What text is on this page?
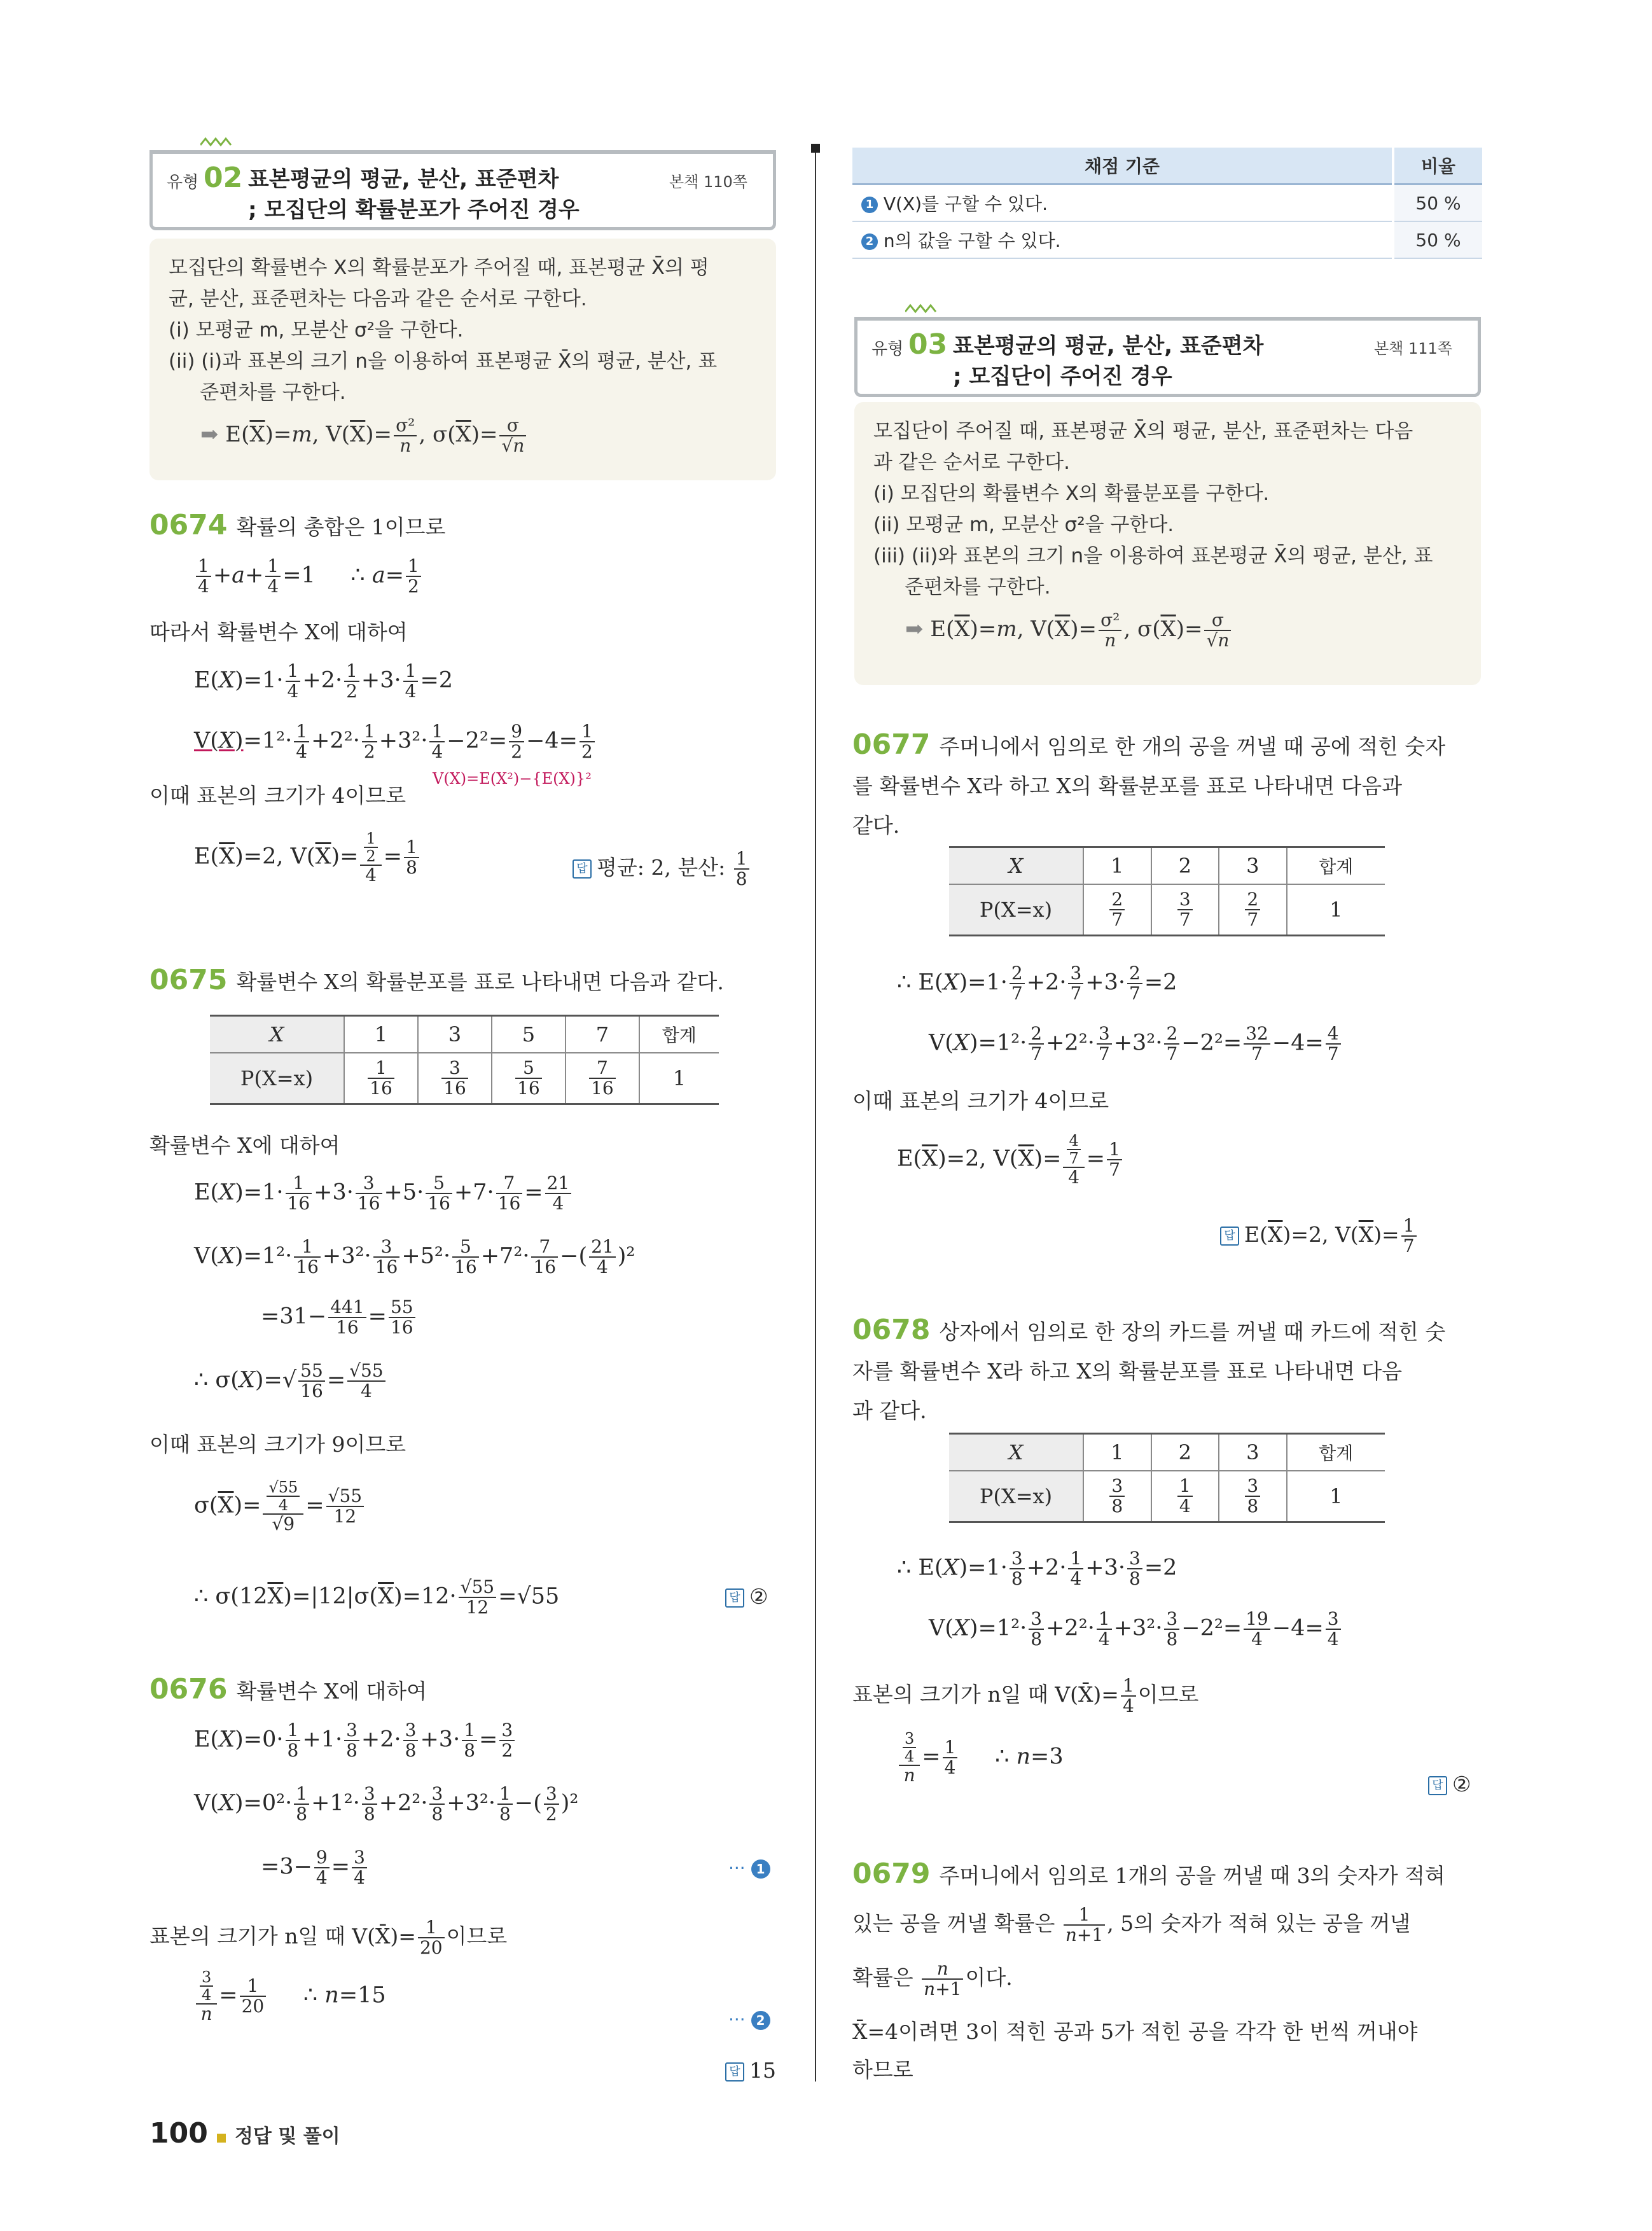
유형 02 표본평균의 평균, 분산, 표준편차
; 모집단의 확률분포가 주어진 경우
본책 110쪽

모집단의 확률변수 X의 확률분포가 주어질 때, 표본평균 X̄의 평

균, 분산, 표준편차는 다음과 같은 순서로 구한다.

(i) 모평균 m, 모분산 σ²을 구한다.

(ii) (i)과 표본의 크기 n을 이용하여 표본평균 X̄의 평균, 분산, 표

준편차를 구한다.

➡ $E(\overline{X})=m$, $V(\overline{X})= \frac{\text{σ²}}{n}$ , $\sigma(\overline{X})= \frac{\sigma}{√n}$
0674 확률의 총합은 1이므로
$\frac{1}{4} +a+ \frac{1}{4} =1$     ∴ $a= \frac{1}{2}$
따라서 확률변수 X에 대하여
$E(X)=1\cdot \frac{1}{4} +2\cdot \frac{1}{2} +3\cdot \frac{1}{4} =2$
$V(X)=1^2\cdot \frac{1}{4} +2^2\cdot \frac{1}{2} +3^2\cdot \frac{1}{4} -2^2= \frac{9}{2} -4= \frac{1}{2}$
이때 표본의 크기가 4이므로
V(X)=E(X²)−{E(X)}²
$E(\overline{X})=2$, $V(\overline{X})= \frac{\frac{1}{2}}{4} = \frac{1}{8}$	답 평균: 2, 분산: $\frac{1}{8}$
0675 확률변수 X의 확률분포를 표로 나타내면 다음과 같다.
X	1	3	5	7	합계
P(X=x)	$\frac{1}{16}$	$\frac{3}{16}$	$\frac{5}{16}$	$\frac{7}{16}$	1
확률변수 X에 대하여
$E(X)=1\cdot \frac{1}{16} +3\cdot \frac{3}{16} +5\cdot \frac{5}{16} +7\cdot \frac{7}{16} = \frac{21}{4}$
$V(X)=1^2\cdot \frac{1}{16} +3^2\cdot \frac{3}{16} +5^2\cdot \frac{5}{16} +7^2\cdot \frac{7}{16}$ −( $\frac{21}{4} )^2$
$=31- \frac{441}{16} = \frac{55}{16}$
∴ $\sigma(X)=√ \frac{55}{16} = \frac{√55}{4}$
이때 표본의 크기가 9이므로
$\sigma(\overline{X})= \frac{\frac{√55}{4}}{√9} = \frac{√55}{12}$
∴ $\sigma(12\overline{X})=|12|\sigma(\overline{X})=12\cdot \frac{√55}{12} =√55$	답 ②
0676 확률변수 X에 대하여
$E(X)=0\cdot \frac{1}{8} +1\cdot \frac{3}{8} +2\cdot \frac{3}{8} +3\cdot \frac{1}{8} = \frac{3}{2}$
$V(X)=0^2\cdot \frac{1}{8} +1^2\cdot \frac{3}{8} +2^2\cdot \frac{3}{8} +3^2\cdot \frac{1}{8}$ −( $\frac{3}{2} )^2$
$=3- \frac{9}{4} = \frac{3}{4}$	··· 1
표본의 크기가 n일 때 V(X̄)= $\frac{1}{20}$ 이므로
$\frac{\frac{3}{4}}{n} = \frac{1}{20}$ ∴ n=15
··· 2
답 15
100 정답 및 풀이
채점 기준	비율
1 V(X)를 구할 수 있다.	50 %
2 n의 값을 구할 수 있다.	50 %
유형 03 표본평균의 평균, 분산, 표준편차
; 모집단이 주어진 경우
본책 111쪽

모집단이 주어질 때, 표본평균 X̄의 평균, 분산, 표준편차는 다음

과 같은 순서로 구한다.

(i) 모집단의 확률변수 X의 확률분포를 구한다.

(ii) 모평균 m, 모분산 σ²을 구한다.

(iii) (ii)와 표본의 크기 n을 이용하여 표본평균 X̄의 평균, 분산, 표

준편차를 구한다.

➡ $E(\overline{X})=m$, $V(\overline{X})= \frac{\text{σ²}}{n}$ , $\sigma(\overline{X})= \frac{\sigma}{√n}$
0677 주머니에서 임의로 한 개의 공을 꺼낼 때 공에 적힌 숫자
를 확률변수 X라 하고 X의 확률분포를 표로 나타내면 다음과
같다.
X	1	2	3	합계
P(X=x)	$\frac{2}{7}$	$\frac{3}{7}$	$\frac{2}{7}$	1
∴ $E(X)=1\cdot \frac{2}{7} +2\cdot \frac{3}{7} +3\cdot \frac{2}{7} =2$
$V(X)=1^2\cdot \frac{2}{7} +2^2\cdot \frac{3}{7} +3^2\cdot \frac{2}{7} -2^2= \frac{32}{7} -4= \frac{4}{7}$
이때 표본의 크기가 4이므로
$E(\overline{X})=2$, $V(\overline{X})= \frac{\frac{4}{7}}{4} = \frac{1}{7}$
답 $E(\overline{X})=2$, $V(\overline{X})= \frac{1}{7}$
0678 상자에서 임의로 한 장의 카드를 꺼낼 때 카드에 적힌 숫
자를 확률변수 X라 하고 X의 확률분포를 표로 나타내면 다음
과 같다.
X	1	2	3	합계
P(X=x)	$\frac{3}{8}$	$\frac{1}{4}$	$\frac{3}{8}$	1
∴ $E(X)=1\cdot \frac{3}{8} +2\cdot \frac{1}{4} +3\cdot \frac{3}{8} =2$
$V(X)=1^2\cdot \frac{3}{8} +2^2\cdot \frac{1}{4} +3^2\cdot \frac{3}{8} -2^2= \frac{19}{4} -4= \frac{3}{4}$
표본의 크기가 n일 때 V(X̄)= $\frac{1}{4}$ 이므로
$\frac{\frac{3}{4}}{n} = \frac{1}{4}$ ∴ n=3
답 ②
0679 주머니에서 임의로 1개의 공을 꺼낼 때 3의 숫자가 적혀
있는 공을 꺼낼 확률은 $\frac{1}{n+1}$ , 5의 숫자가 적혀 있는 공을 꺼낼
확률은 $\frac{n}{n+1}$ 이다.
X̄=4이려면 3이 적힌 공과 5가 적힌 공을 각각 한 번씩 꺼내야
하므로
